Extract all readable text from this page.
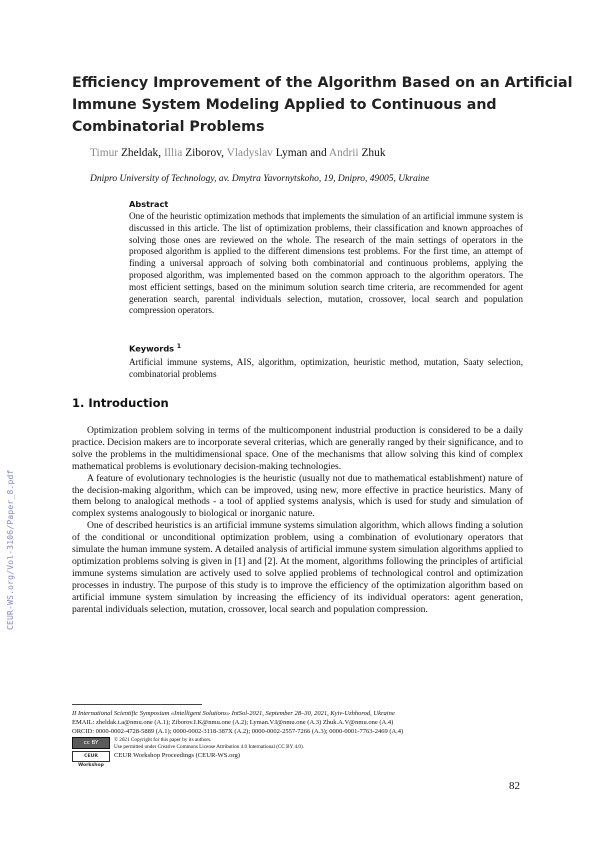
Efficiency Improvement of the Algorithm Based on an Artificial
Immune System Modeling Applied to Continuous and
Combinatorial Problems
Timur Zheldak, Illia Ziborov, Vladyslav Lyman and Andrii Zhuk
Dnipro University of Technology, av. Dmytra Yavornytskoho, 19, Dnipro, 49005, Ukraine
Abstract
One of the heuristic optimization methods that implements the simulation of an artificial immune system is discussed in this article. The list of optimization problems, their classification and known approaches of solving those ones are reviewed on the whole. The research of the main settings of operators in the proposed algorithm is applied to the different dimensions test problems. For the first time, an attempt of finding a universal approach of solving both combinatorial and continuous problems, applying the proposed algorithm, was implemented based on the common approach to the algorithm operators. The most efficient settings, based on the minimum solution search time criteria, are recommended for agent generation search, parental individuals selection, mutation, crossover, local search and population compression operators.
Keywords $^1$
Artificial immune systems, AIS, algorithm, optimization, heuristic method, mutation, Saaty selection, combinatorial problems
1. Introduction

Optimization problem solving in terms of the multicomponent industrial production is considered to be a daily practice. Decision makers are to incorporate several criterias, which are generally ranged by their significance, and to solve the problems in the multidimensional space. One of the mechanisms that allow solving this kind of complex mathematical problems is evolutionary decision-making technologies.

A feature of evolutionary technologies is the heuristic (usually not due to mathematical establishment) nature of the decision-making algorithm, which can be improved, using new, more effective in practice heuristics. Many of them belong to analogical methods - a tool of applied systems analysis, which is used for study and simulation of complex systems analogously to biological or inorganic nature.

One of described heuristics is an artificial immune systems simulation algorithm, which allows finding a solution of the conditional or unconditional optimization problem, using a combination of evolutionary operators that simulate the human immune system. A detailed analysis of artificial immune system simulation algorithms applied to optimization problems solving is given in [1] and [2]. At the moment, algorithms following the principles of artificial immune systems simulation are actively used to solve applied problems of technological control and optimization processes in industry. The purpose of this study is to improve the efficiency of the optimization algorithm based on artificial immune system simulation by increasing the efficiency of its individual operators: agent generation, parental individuals selection, mutation, crossover, local search and population compression.

II International Scientific Symposium «Intelligent Solutions» IntSol-2021, September 28–30, 2021, Kyiv-Uzhhorod, Ukraine
EMAIL: zheldak.t.a@nmu.one (A.1); Ziborov.I.K@nmu.one (A.2); Lyman.V.I@nmu.one (A.3) Zhuk.A.V@nmu.one (A.4)
ORCID: 0000-0002-4728-5889 (A.1); 0000-0002-3118-387X (A.2); 0000-0002-2557-7266 (A.3); 0000-0001-7763-2469 (A.4)
cc BY	© 2021 Copyright for this paper by its authors.
Use permitted under Creative Commons License Attribution 4.0 International (CC BY 4.0).
CEUR Workshop
CEUR Workshop Proceedings (CEUR-WS.org)
82
CEUR-WS.org/Vol-3106/Paper_8.pdf
